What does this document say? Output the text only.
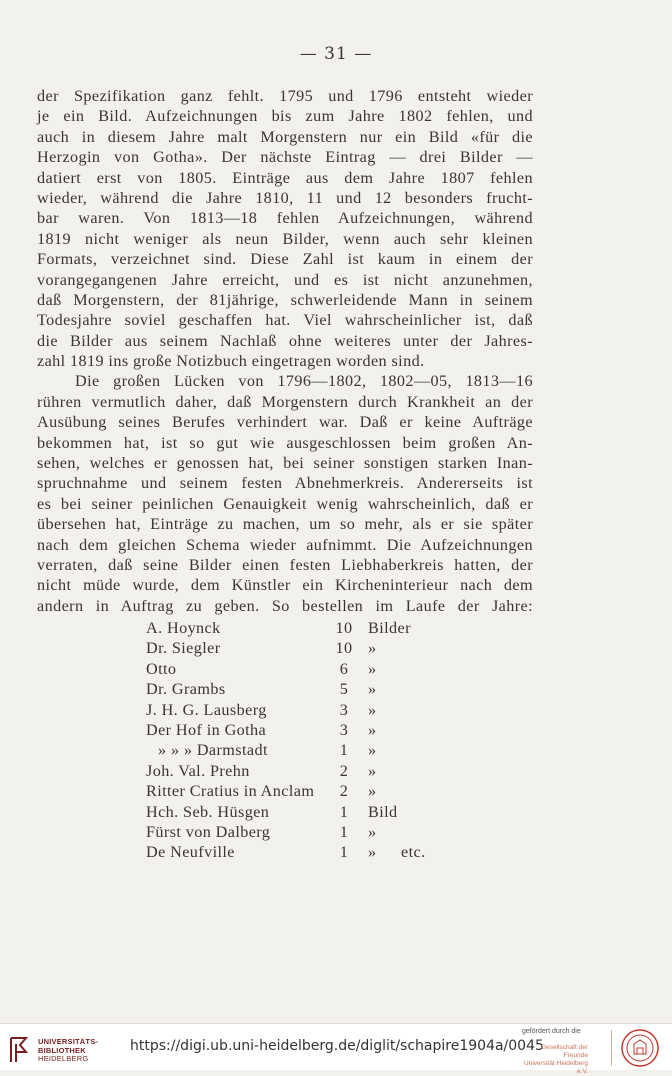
— 31 —
der Spezifikation ganz fehlt. 1795 und 1796 entsteht wieder
je ein Bild. Aufzeichnungen bis zum Jahre 1802 fehlen, und
auch in diesem Jahre malt Morgenstern nur ein Bild «für die
Herzogin von Gotha». Der nächste Eintrag — drei Bilder —
datiert erst von 1805. Einträge aus dem Jahre 1807 fehlen
wieder, während die Jahre 1810, 11 und 12 besonders frucht-
bar waren. Von 1813—18 fehlen Aufzeichnungen, während
1819 nicht weniger als neun Bilder, wenn auch sehr kleinen
Formats, verzeichnet sind. Diese Zahl ist kaum in einem der
vorangegangenen Jahre erreicht, und es ist nicht anzunehmen,
daß Morgenstern, der 81jährige, schwerleidende Mann in seinem
Todesjahre soviel geschaffen hat. Viel wahrscheinlicher ist, daß
die Bilder aus seinem Nachlaß ohne weiteres unter der Jahres-
zahl 1819 ins große Notizbuch eingetragen worden sind.
Die großen Lücken von 1796—1802, 1802—05, 1813—16
rühren vermutlich daher, daß Morgenstern durch Krankheit an der
Ausübung seines Berufes verhindert war. Daß er keine Aufträge
bekommen hat, ist so gut wie ausgeschlossen beim großen An-
sehen, welches er genossen hat, bei seiner sonstigen starken Inan-
spruchnahme und seinem festen Abnehmerkreis. Andererseits ist
es bei seiner peinlichen Genauigkeit wenig wahrscheinlich, daß er
übersehen hat, Einträge zu machen, um so mehr, als er sie später
nach dem gleichen Schema wieder aufnimmt. Die Aufzeichnungen
verraten, daß seine Bilder einen festen Liebhaberkreis hatten, der
nicht müde wurde, dem Künstler ein Kircheninterieur nach dem
andern in Auftrag zu geben. So bestellen im Laufe der Jahre:
A. Hoynck	10 Bilder
Dr. Siegler	10 »
Otto	6	»
Dr. Grambs	5	»
J. H. G. Lausberg	3	»
Der Hof in Gotha	3	»
» » » Darmstadt	1	»
Joh. Val. Prehn	2	»
Ritter Cratius in Anclam	2	»
Hch. Seb. Hüsgen	1	Bild
Fürst von Dalberg	1	»
De Neufville	1	» etc.
UNIVERSITÄTS-
BIBLIOTHEK
HEIDELBERG
https://digi.ub.uni-heidelberg.de/diglit/schapire1904a/0045
gefördert durch die
Gesellschaft der Freunde
Universität Heidelberg e.V.
